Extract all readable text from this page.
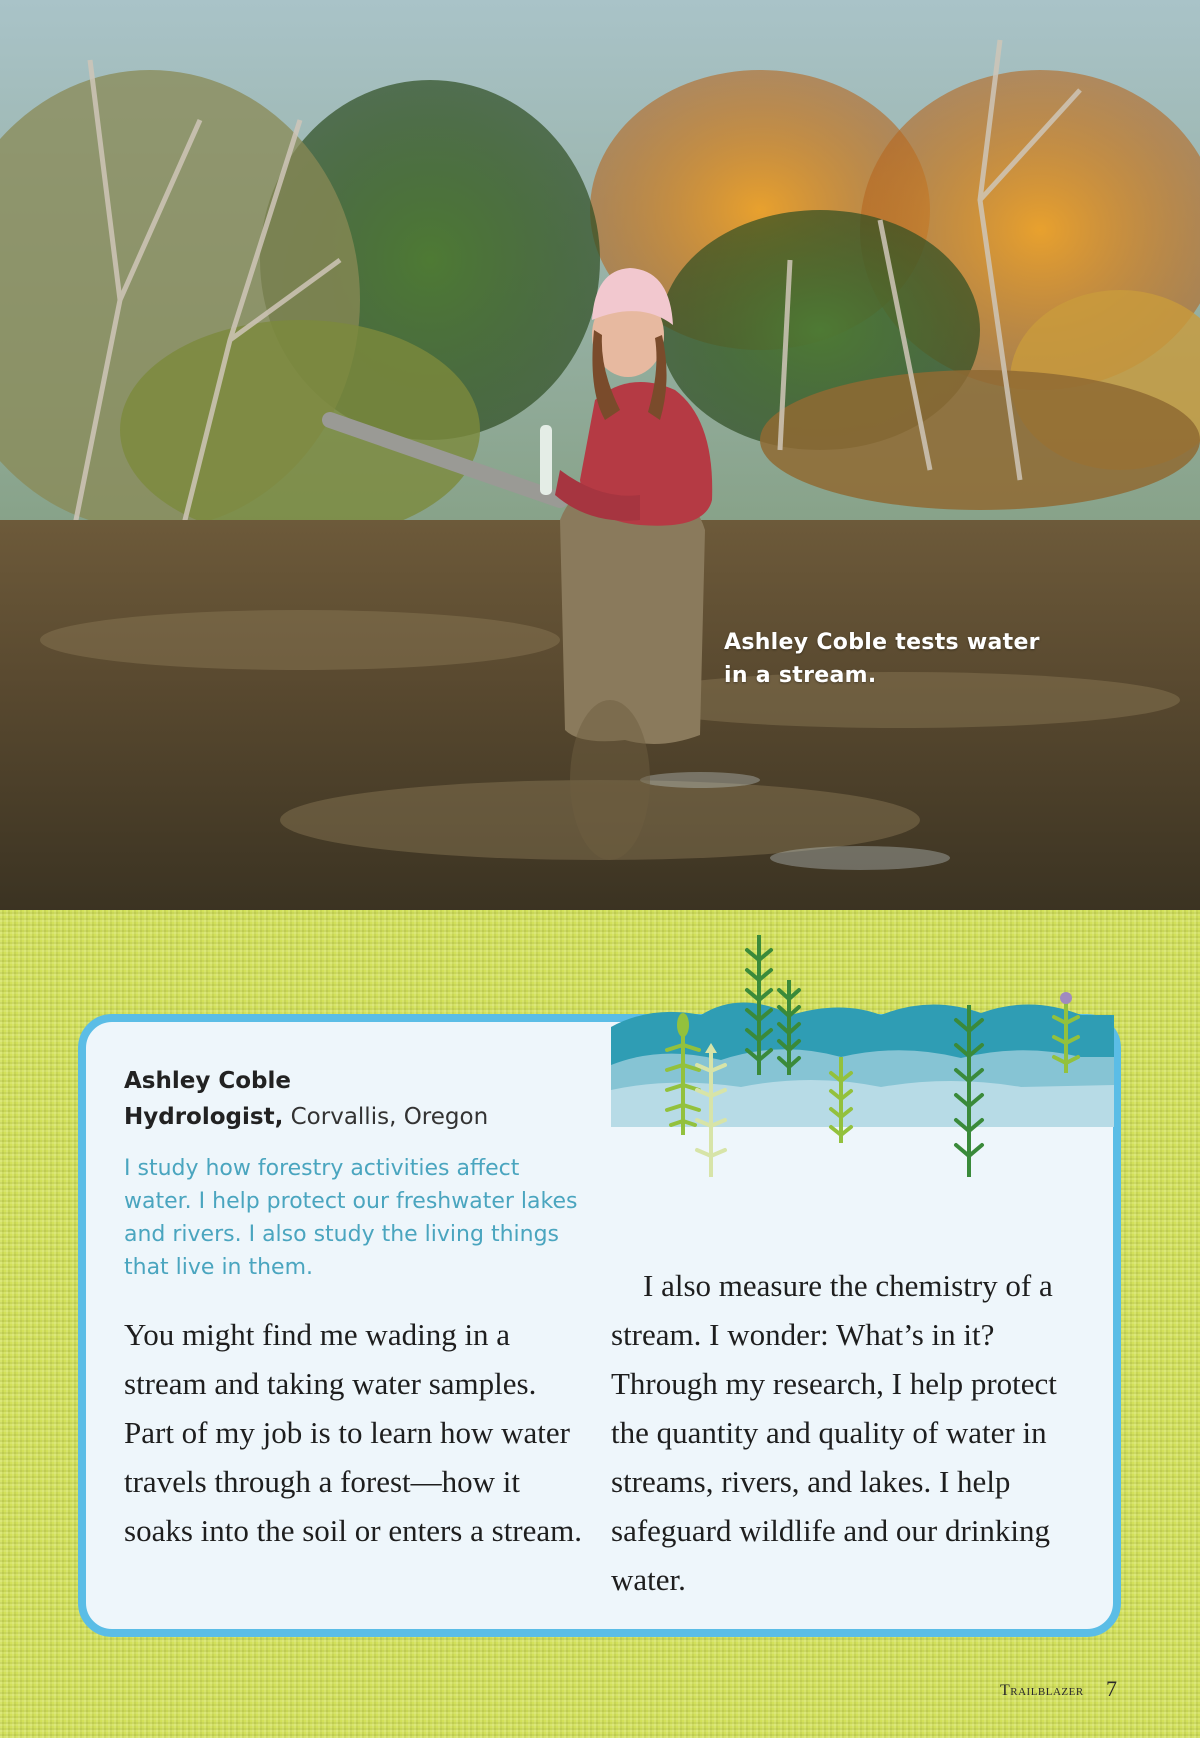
Ashley Coble tests water
in a stream.
Ashley Coble
Hydrologist, Corvallis, Oregon
I study how forestry activities affect water. I help protect our freshwater lakes and rivers. I also study the living things that live in them.
You might find me wading in a stream and taking water samples. Part of my job is to learn how water travels through a forest—how it soaks into the soil or enters a stream.

I also measure the chemistry of a stream. I wonder: What’s in it? Through my research, I help protect the quantity and quality of water in streams, rivers, and lakes. I help safeguard wildlife and our drinking water.

Trailblazer 7
